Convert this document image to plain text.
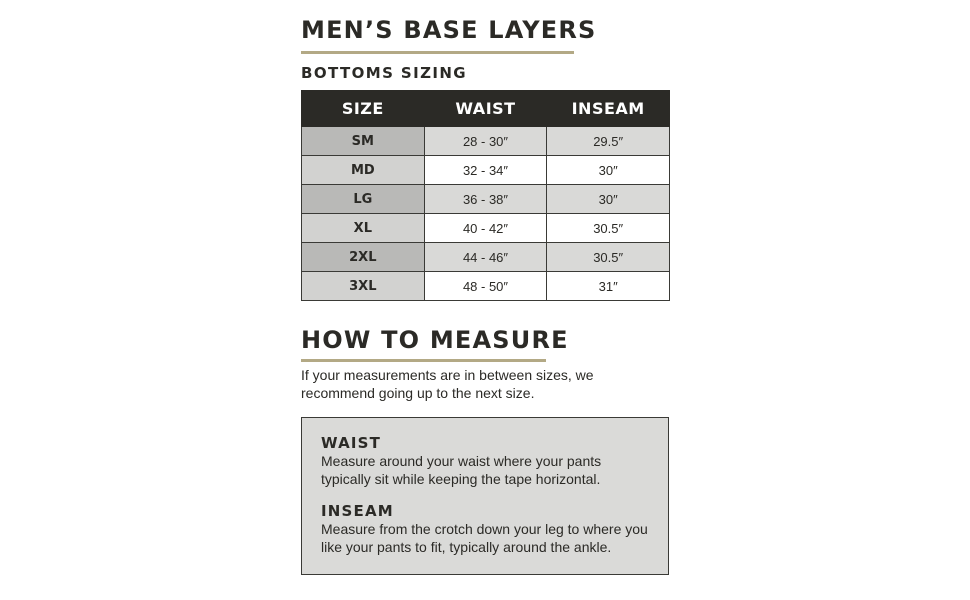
MEN’S BASE LAYERS
BOTTOMS SIZING
SIZE	WAIST	INSEAM
SM	28 - 30″	29.5″
MD	32 - 34″	30″
LG	36 - 38″	30″
XL	40 - 42″	30.5″
2XL	44 - 46″	30.5″
3XL	48 - 50″	31″
HOW TO MEASURE

If your measurements are in between sizes, we recommend going up to the next size.

WAIST

Measure around your waist where your pants typically sit while keeping the tape horizontal.

INSEAM

Measure from the crotch down your leg to where you like your pants to fit, typically around the ankle.
